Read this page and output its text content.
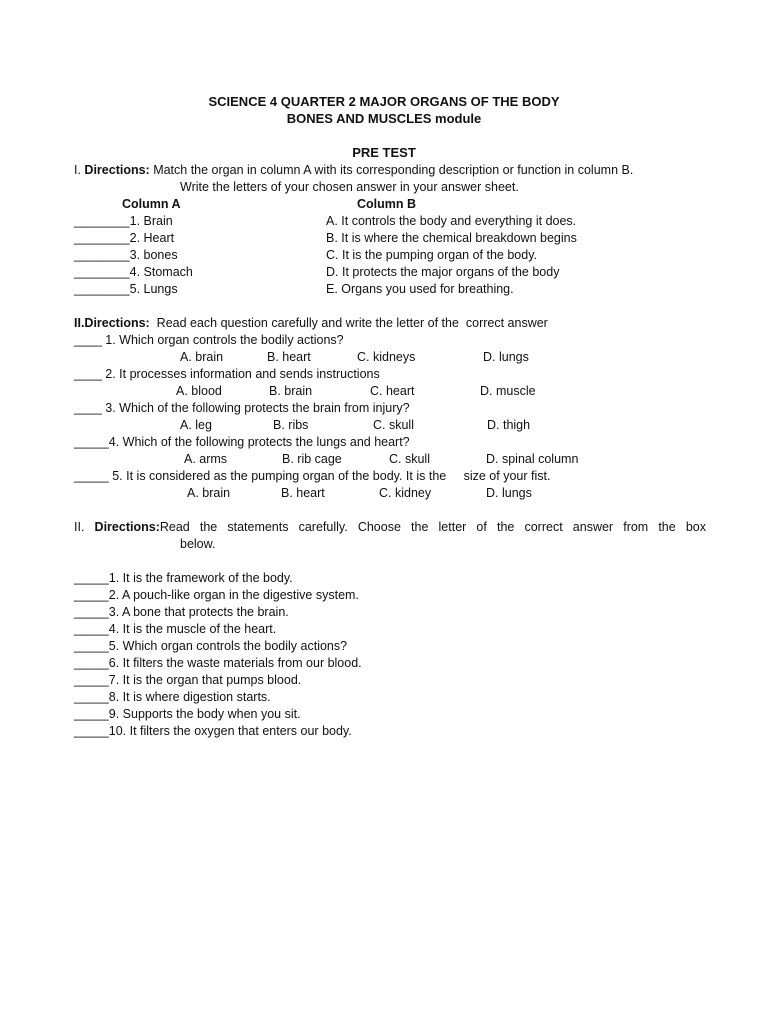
SCIENCE 4 QUARTER 2 MAJOR ORGANS OF THE BODY
BONES AND MUSCLES module
PRE TEST
I. Directions: Match the organ in column A with its corresponding description or function in column B.
Write the letters of your chosen answer in your answer sheet.
Column A	Column B
________1. Brain	A. It controls the body and everything it does.
________2. Heart	B. It is where the chemical breakdown begins
________3. bones	C. It is the pumping organ of the body.
________4. Stomach	D. It protects the major organs of the body
________5. Lungs	E. Organs you used for breathing.
II.Directions:  Read each question carefully and write the letter of the  correct answer
____ 1. Which organ controls the bodily actions?
A. brain	B. heart	C. kidneys	D. lungs
____ 2. It processes information and sends instructions
A. blood	B. brain	C. heart	D. muscle
____ 3. Which of the following protects the brain from injury?
A. leg	B. ribs	C. skull	D. thigh
_____4. Which of the following protects the lungs and heart?
A. arms	B. rib cage	C. skull	D. spinal column
_____ 5. It is considered as the pumping organ of the body. It is the     size of your fist.
A. brain	B. heart	C. kidney	D. lungs
II. Directions:Read the statements carefully. Choose the letter of the correct answer from the box
below.
_____1. It is the framework of the body.
_____2. A pouch-like organ in the digestive system.
_____3. A bone that protects the brain.
_____4. It is the muscle of the heart.
_____5. Which organ controls the bodily actions?
_____6. It filters the waste materials from our blood.
_____7. It is the organ that pumps blood.
_____8. It is where digestion starts.
_____9. Supports the body when you sit.
_____10. It filters the oxygen that enters our body.
